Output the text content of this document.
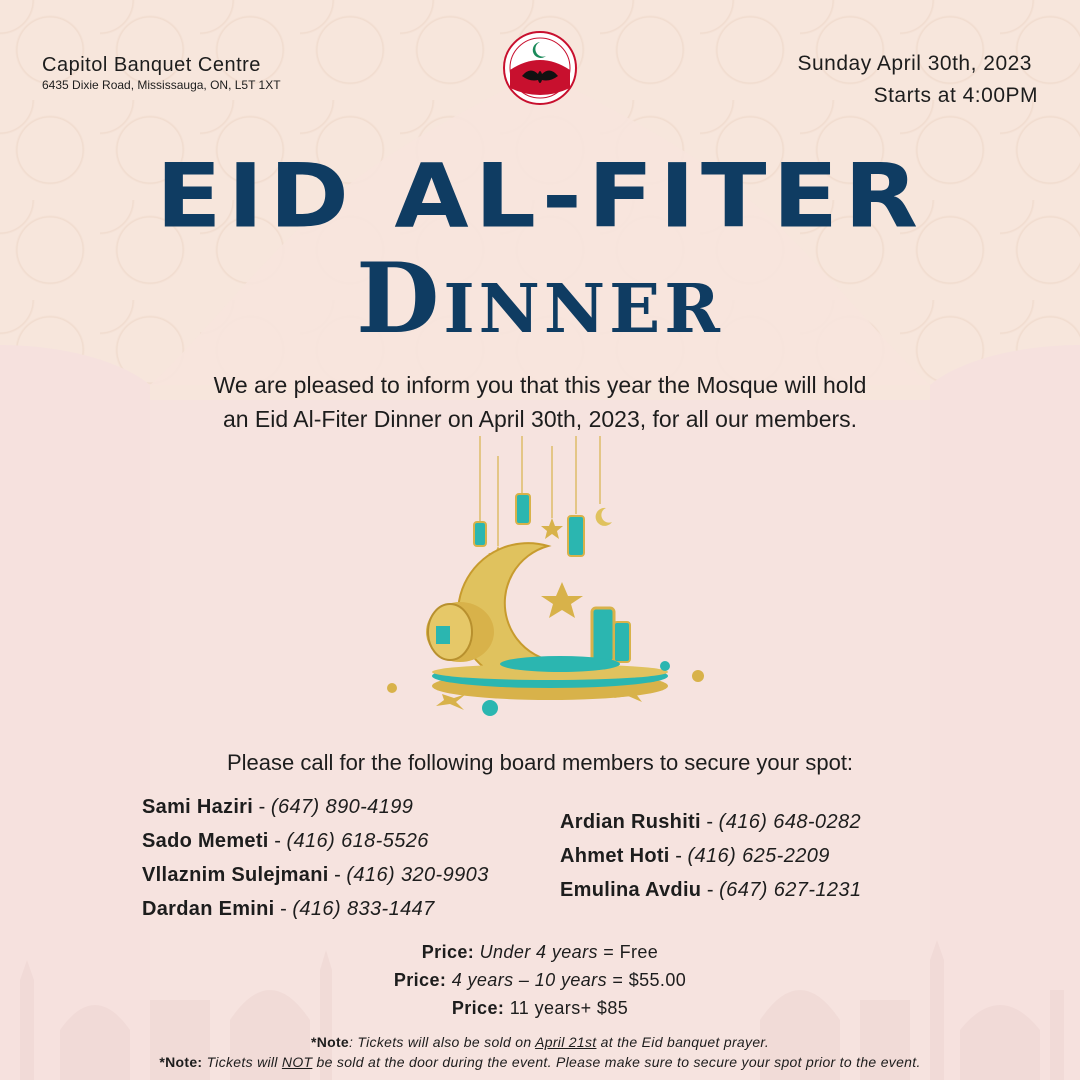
Capitol Banquet Centre
6435 Dixie Road, Mississauga, ON, L5T 1XT
Sunday April 30th, 2023
Starts at 4:00PM
EID AL-FITER
Dinner
We are pleased to inform you that this year the Mosque will hold
an Eid Al-Fiter Dinner on April 30th, 2023, for all our members.
Please call for the following board members to secure your spot:
Sami Haziri - (647) 890-4199
Sado Memeti - (416) 618-5526
Vllaznim Sulejmani - (416) 320-9903
Dardan Emini - (416) 833-1447
Ardian Rushiti - (416) 648-0282
Ahmet Hoti - (416) 625-2209
Emulina Avdiu - (647) 627-1231
Price: Under 4 years = Free
Price: 4 years – 10 years = $55.00
Price: 11 years+ $85
*Note: Tickets will also be sold on April 21st at the Eid banquet prayer.
*Note: Tickets will NOT be sold at the door during the event. Please make sure to secure your spot prior to the event.
